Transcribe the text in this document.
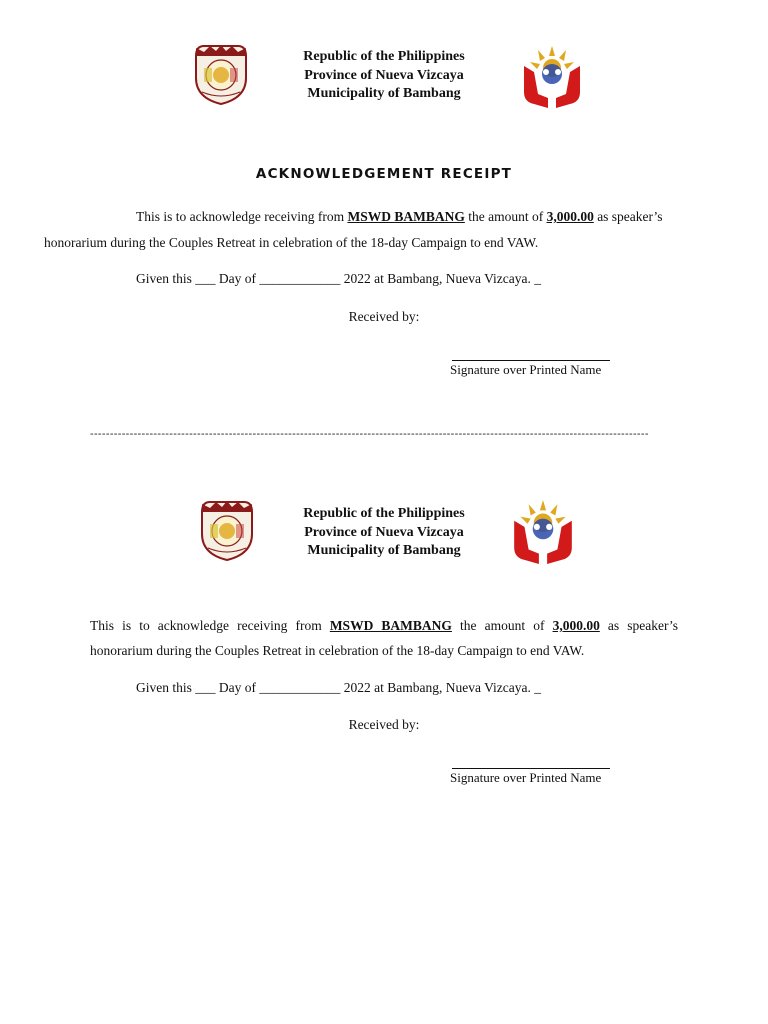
Republic of the Philippines
Province of Nueva Vizcaya
Municipality of Bambang
ACKNOWLEDGEMENT RECEIPT
This is to acknowledge receiving from MSWD BAMBANG the amount of 3,000.00 as speaker’s
honorarium during the Couples Retreat in celebration of the 18-day Campaign to end VAW.
Given this ___ Day of ____________ 2022 at Bambang, Nueva Vizcaya. _
Received by:
Signature over Printed Name
---------------------------------------------------------------------------------------------------------------------------------------------
Republic of the Philippines
Province of Nueva Vizcaya
Municipality of Bambang
This is to acknowledge receiving from MSWD BAMBANG the amount of 3,000.00 as speaker’s
honorarium during the Couples Retreat in celebration of the 18-day Campaign to end VAW.
Given this ___ Day of ____________ 2022 at Bambang, Nueva Vizcaya. _
Received by:
Signature over Printed Name
